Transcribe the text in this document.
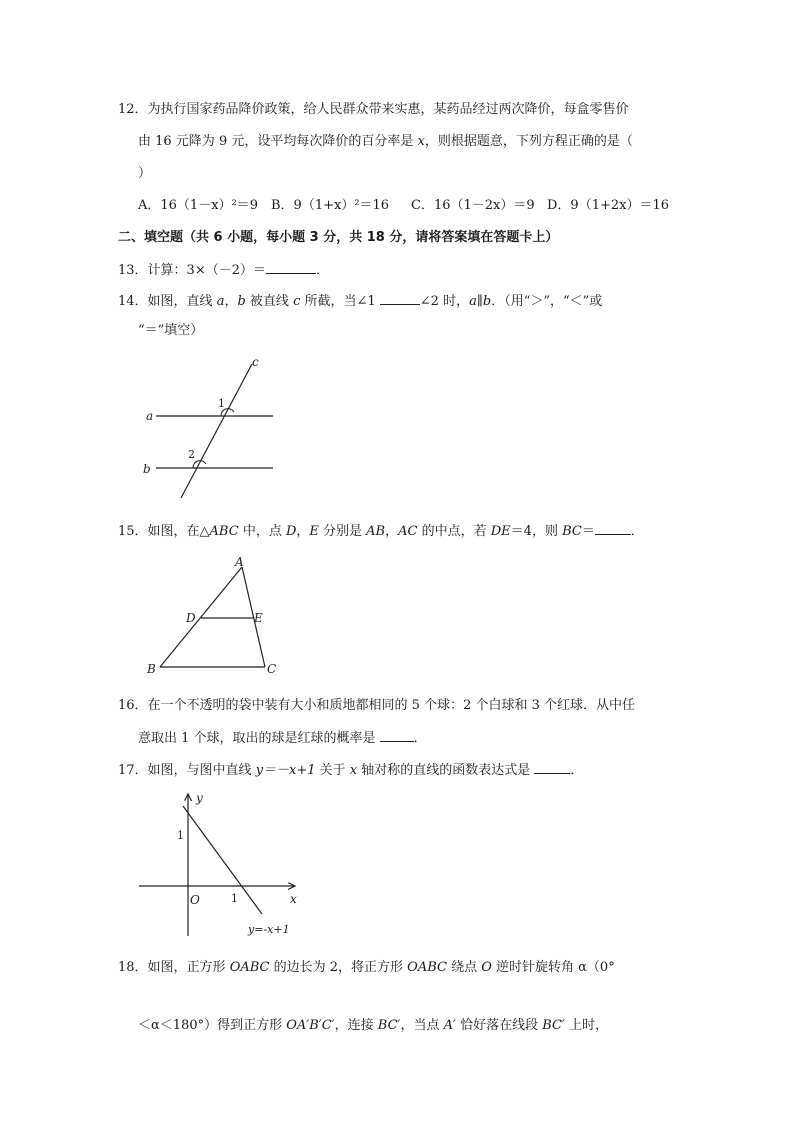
12．为执行国家药品降价政策，给人民群众带来实惠，某药品经过两次降价，每盒零售价
由 16 元降为 9 元，设平均每次降价的百分率是 x，则根据题意，下列方程正确的是（
）
A．16（1－x）²＝9 B．9（1+x）²＝16 C．16（1－2x）＝9 D．9（1+2x）＝16
二、填空题（共 6 小题，每小题 3 分，共 18 分，请将答案填在答题卡上）
13．计算：3×（－2）＝	．
14．如图，直线 a，b 被直线 c 所截，当∠1	∠2 时，a∥b．（用“＞”，“＜”或
“＝”填空）
c
a
b
1
2
15．如图，在△ABC 中，点 D，E 分别是 AB，AC 的中点，若 DE＝4，则 BC＝	．
A
B	C
D	E
16．在一个不透明的袋中装有大小和质地都相同的 5 个球：2 个白球和 3 个红球．从中任
意取出 1 个球，取出的球是红球的概率是	．
17．如图，与图中直线 y＝－x+1 关于 x 轴对称的直线的函数表达式是	．
y
x
O
1
1
y=-x+1
18．如图，正方形 OABC 的边长为 2，将正方形 OABC 绕点 O 逆时针旋转角 α（0°
＜α＜180°）得到正方形 OA′B′C′，连接 BC′，当点 A′ 恰好落在线段 BC′ 上时，
